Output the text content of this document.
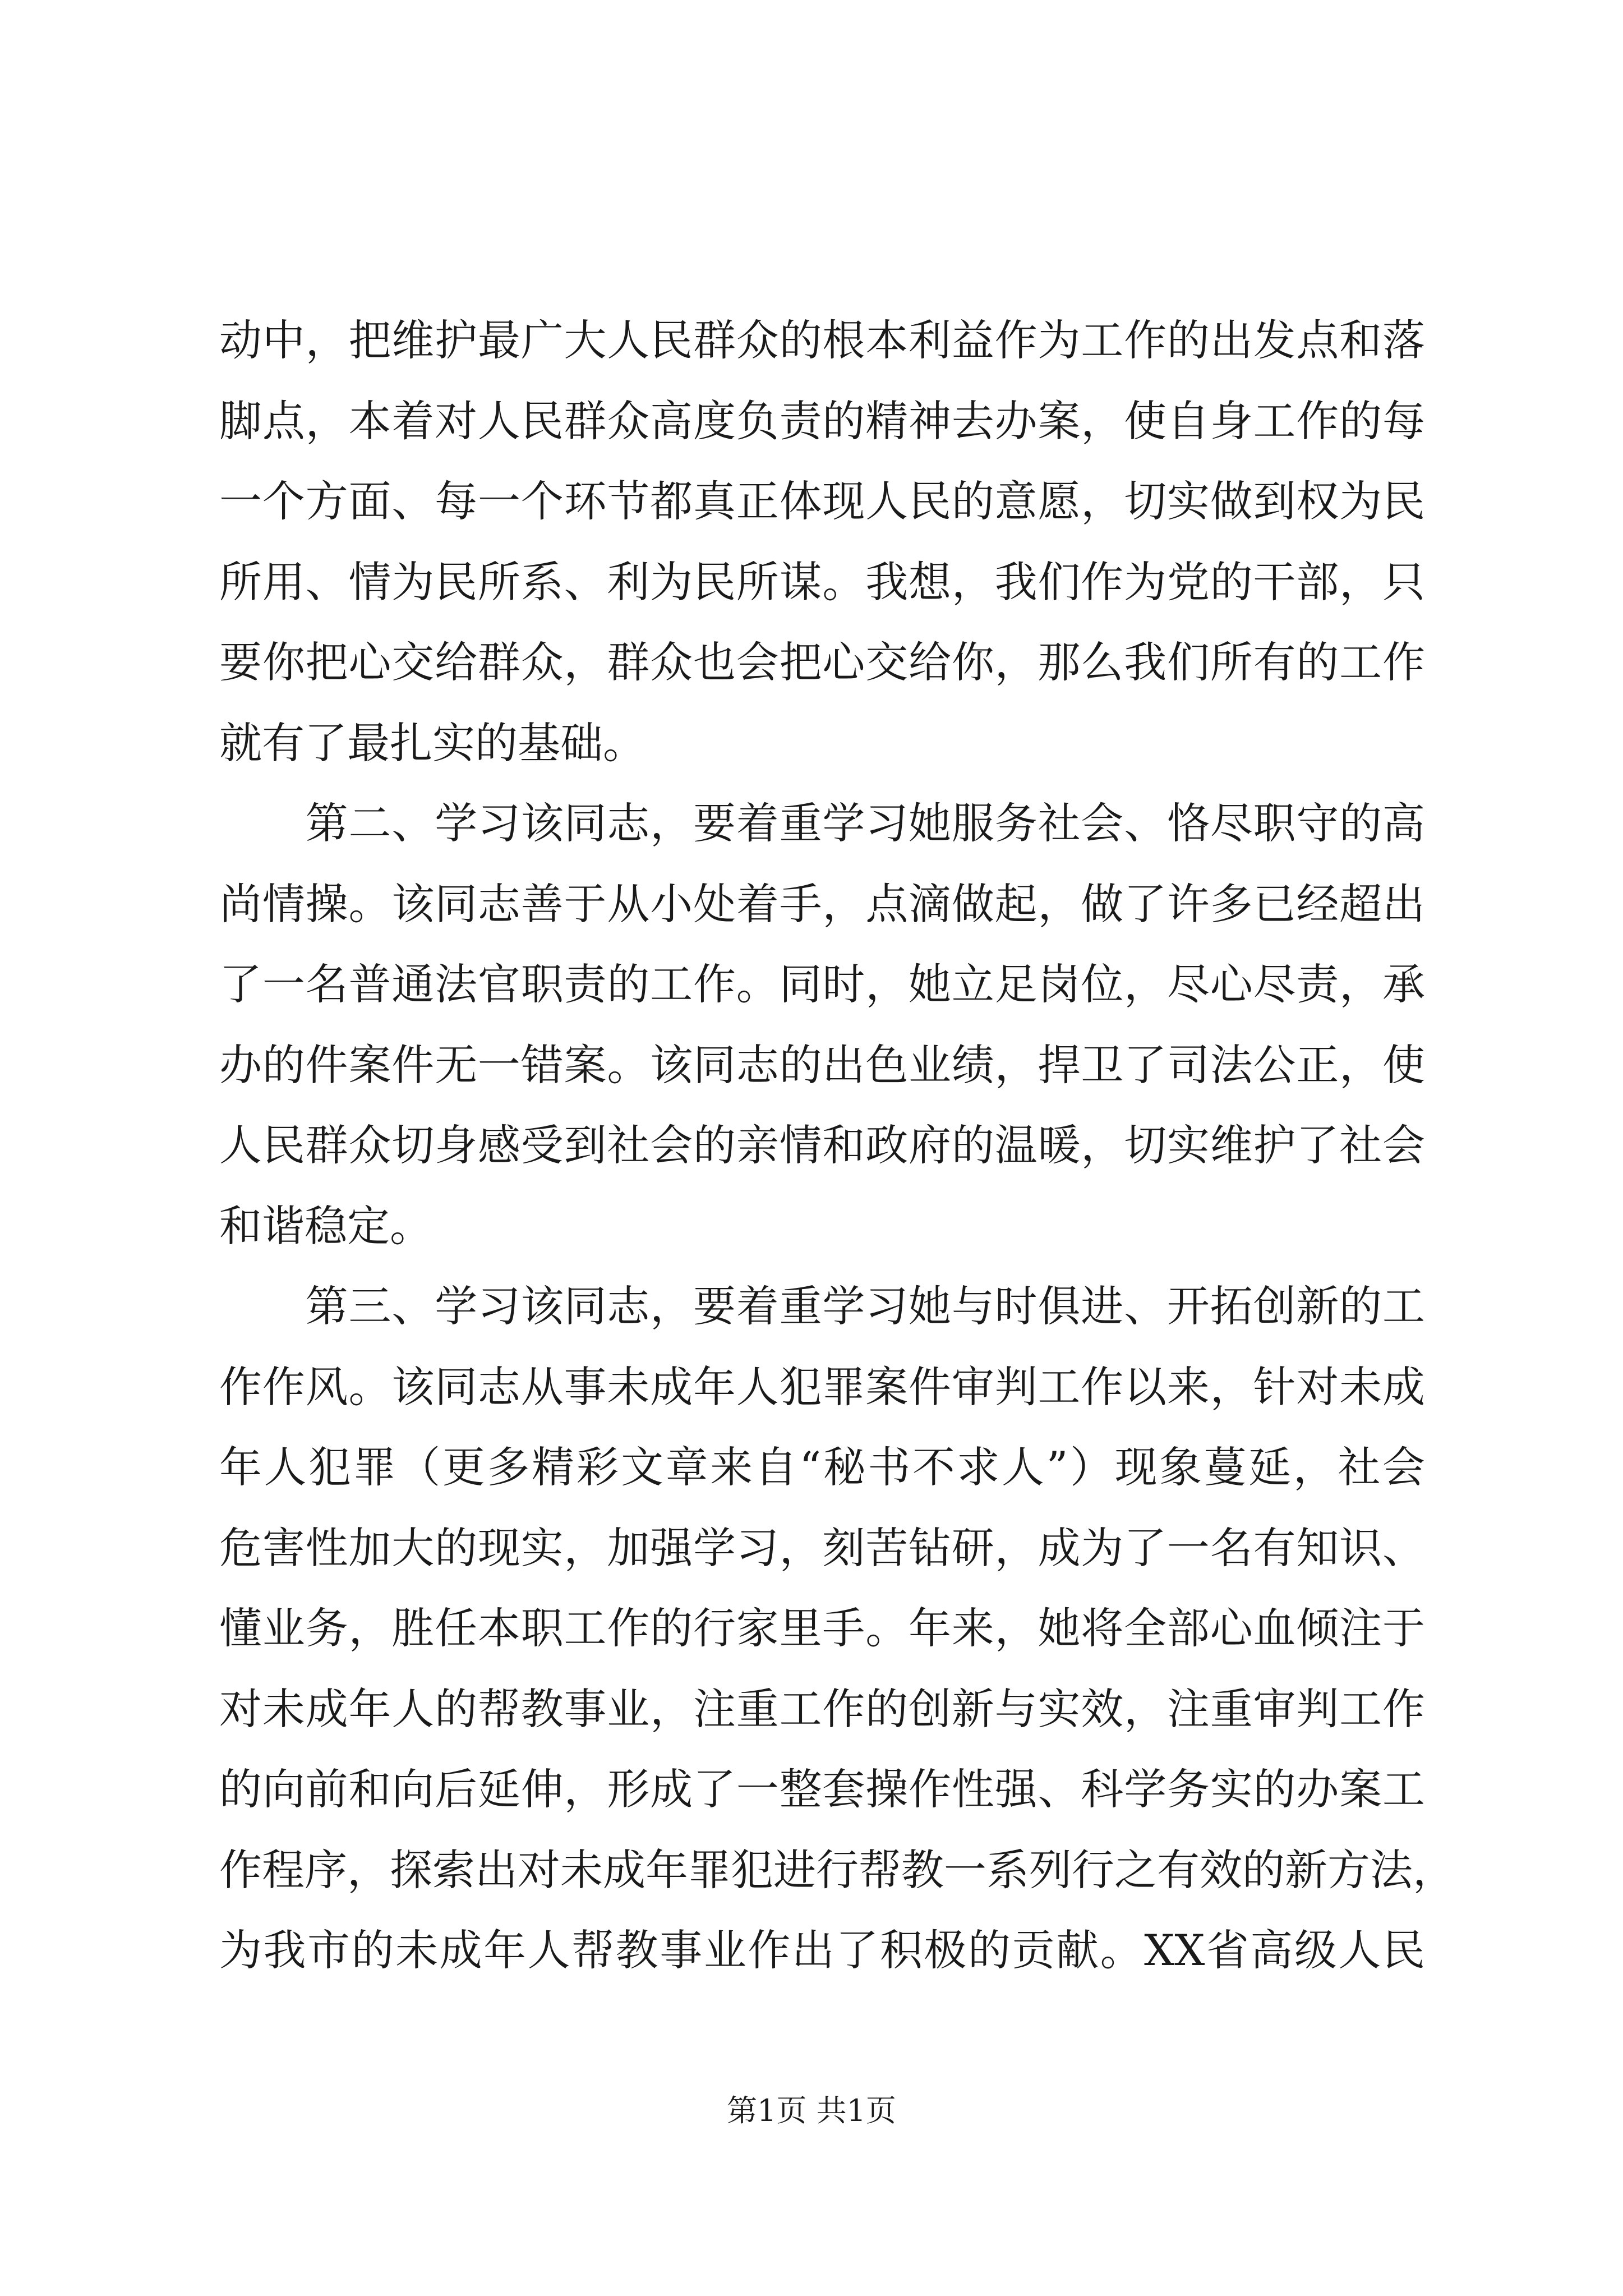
动中，把维护最广大人民群众的根本利益作为工作的出发点和落
脚点，本着对人民群众高度负责的精神去办案，使自身工作的每
一个方面、每一个环节都真正体现人民的意愿，切实做到权为民
所用、情为民所系、利为民所谋。我想，我们作为党的干部，只
要你把心交给群众，群众也会把心交给你，那么我们所有的工作
就有了最扎实的基础。
　　第二、学习该同志，要着重学习她服务社会、恪尽职守的高
尚情操。该同志善于从小处着手，点滴做起，做了许多已经超出
了一名普通法官职责的工作。同时，她立足岗位，尽心尽责，承
办的件案件无一错案。该同志的出色业绩，捍卫了司法公正，使
人民群众切身感受到社会的亲情和政府的温暖，切实维护了社会
和谐稳定。
　　第三、学习该同志，要着重学习她与时俱进、开拓创新的工
作作风。该同志从事未成年人犯罪案件审判工作以来，针对未成
年人犯罪（更多精彩文章来自“秘书不求人”）现象蔓延，社会
危害性加大的现实，加强学习，刻苦钻研，成为了一名有知识、
懂业务，胜任本职工作的行家里手。年来，她将全部心血倾注于
对未成年人的帮教事业，注重工作的创新与实效，注重审判工作
的向前和向后延伸，形成了一整套操作性强、科学务实的办案工
作程序，探索出对未成年罪犯进行帮教一系列行之有效的新方法，
为我市的未成年人帮教事业作出了积极的贡献。XX省高级人民
第1页 共1页
